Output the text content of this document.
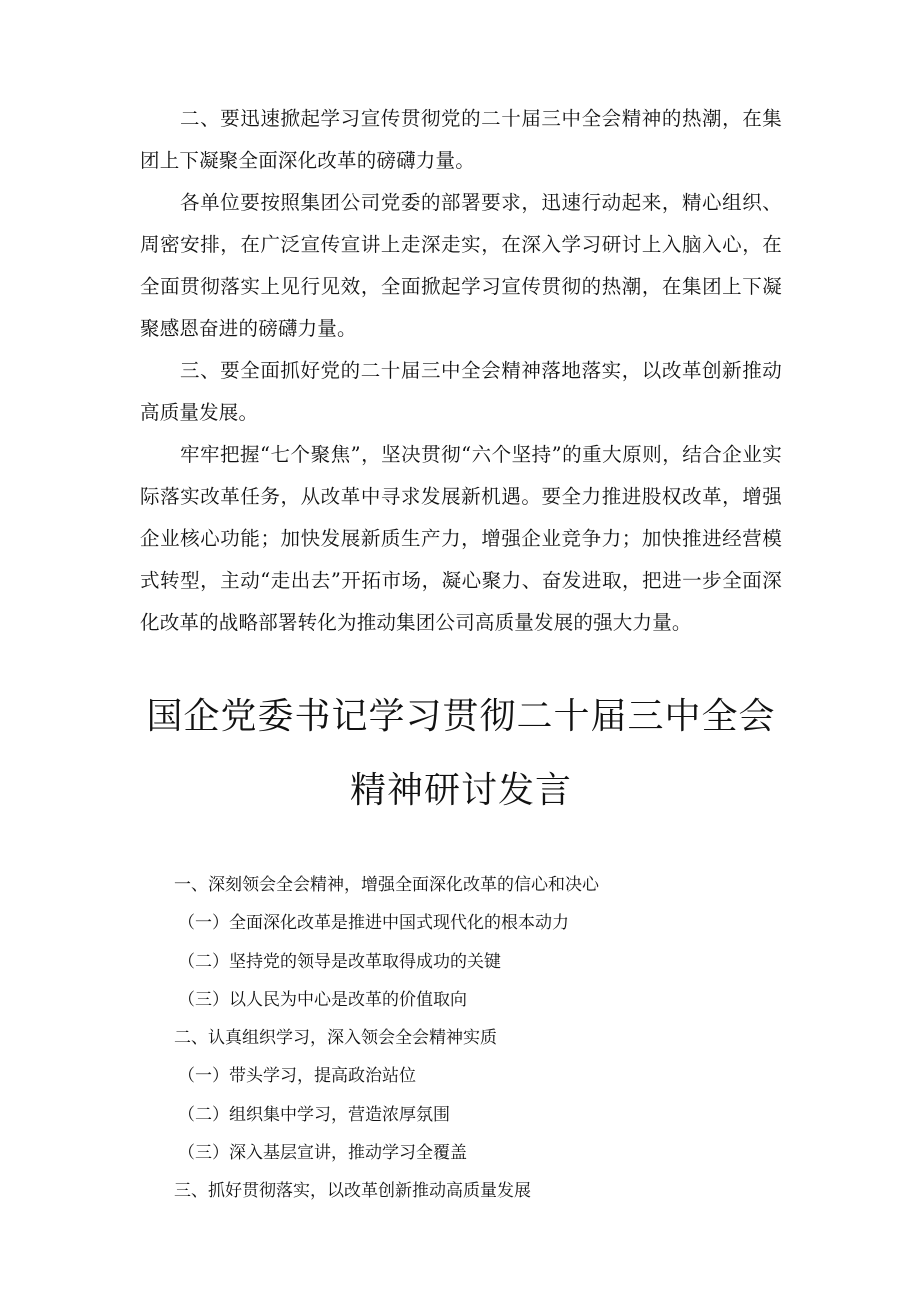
二、要迅速掀起学习宣传贯彻党的二十届三中全会精神的热潮，在集团上下凝聚全面深化改革的磅礴力量。

各单位要按照集团公司党委的部署要求，迅速行动起来，精心组织、周密安排，在广泛宣传宣讲上走深走实，在深入学习研讨上入脑入心，在全面贯彻落实上见行见效，全面掀起学习宣传贯彻的热潮，在集团上下凝聚感恩奋进的磅礴力量。

三、要全面抓好党的二十届三中全会精神落地落实，以改革创新推动高质量发展。

牢牢把握“七个聚焦”，坚决贯彻“六个坚持”的重大原则，结合企业实际落实改革任务，从改革中寻求发展新机遇。要全力推进股权改革，增强企业核心功能；加快发展新质生产力，增强企业竞争力；加快推进经营模式转型，主动“走出去”开拓市场，凝心聚力、奋发进取，把进一步全面深化改革的战略部署转化为推动集团公司高质量发展的强大力量。

国企党委书记学习贯彻二十届三中全会精神研讨发言
一、深刻领会全会精神，增强全面深化改革的信心和决心
（一）全面深化改革是推进中国式现代化的根本动力
（二）坚持党的领导是改革取得成功的关键
（三）以人民为中心是改革的价值取向
二、认真组织学习，深入领会全会精神实质
（一）带头学习，提高政治站位
（二）组织集中学习，营造浓厚氛围
（三）深入基层宣讲，推动学习全覆盖
三、抓好贯彻落实，以改革创新推动高质量发展
